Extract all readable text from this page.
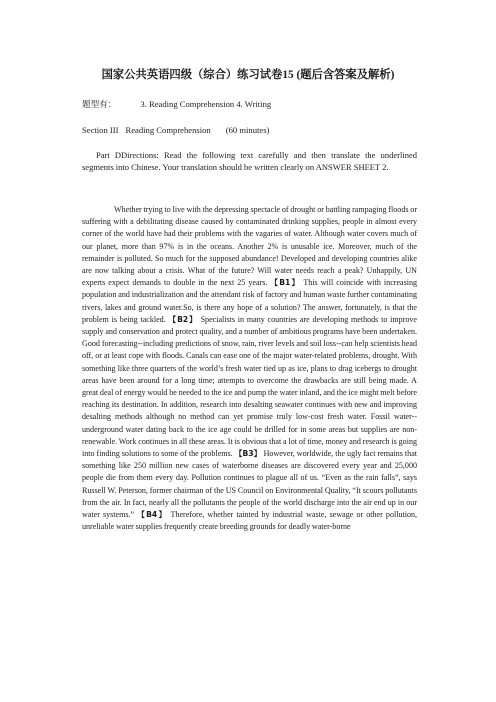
国家公共英语四级（综合）练习试卷15 (题后含答案及解析)
题型有：	3. Reading Comprehension 4. Writing
Section III Reading Comprehension (60 minutes)

Part DDirections: Read the following text carefully and then translate the underlined segments into Chinese. Your translation should be written clearly on ANSWER SHEET 2.

Whether trying to live with the depressing spectacle of drought or battling rampaging floods or suffering with a debilitating disease caused by contaminated drinking supplies, people in almost every corner of the world have had their problems with the vagaries of water. Although water covers much of our planet, more than 97% is in the oceans. Another 2% is unusable ice. Moreover, much of the remainder is polluted. So much for the supposed abundance! Developed and developing countries alike are now talking about a crisis. What of the future? Will water needs reach a peak? Unhappily, UN experts expect demands to double in the next 25 years. 【B1】 This will coincide with increasing population and industrialization and the attendant risk of factory and human waste further contaminating rivers, lakes and ground water.So, is there any hope of a solution? The answer, fortunately, is that the problem is being tackled. 【B2】 Specialists in many countries are developing methods to improve supply and conservation and protect quality, and a number of ambitious programs have been undertaken. Good forecasting--including predictions of snow, rain, river levels and soil loss--can help scientists head off, or at least cope with floods. Canals can ease one of the major water-related problems, drought. With something like three quarters of the world’s fresh water tied up as ice, plans to drag icebergs to drought areas have been around for a long time; attempts to overcome the drawbacks are still being made. A great deal of energy would be needed to the ice and pump the water inland, and the ice might melt before reaching its destination. In addition, research into desalting seawater continues with new and improving desalting methods although no method can yet promise truly low-cost fresh water. Fossil water--underground water dating back to the ice age could be drilled for in some areas but supplies are non-renewable. Work continues in all these areas. It is obvious that a lot of time, money and research is going into finding solutions to some of the problems. 【B3】 However, worldwide, the ugly fact remains that something like 250 million new cases of waterborne diseases are discovered every year and 25,000 people die from them every day. Pollution continues to plague all of us. “Even as the rain falls”, says Russell W. Peterson, former chairman of the US Council on Environmental Quality, “It scours pollutants from the air. In fact, nearly all the pollutants the people of the world discharge into the air end up in our water systems.” 【B4】 Therefore, whether tainted by industrial waste, sewage or other pollution, unreliable water supplies frequently create breeding grounds for deadly water-borne
